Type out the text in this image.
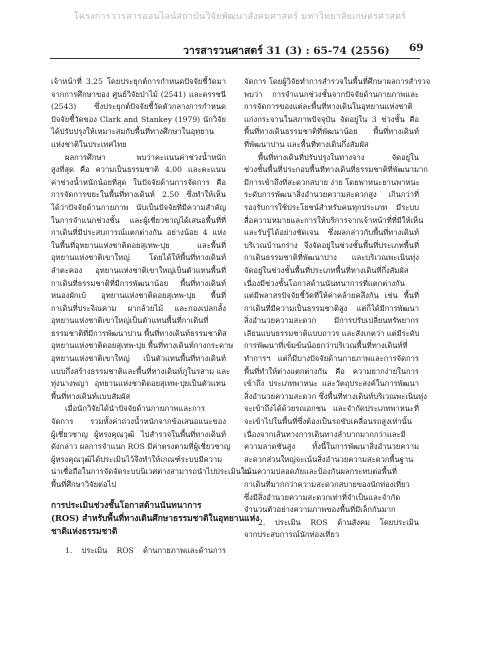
โครงการวารสารออนไลน์สถาบันวิจัยพัฒนาสังคมศาสตร์ มหาวิทยาลัยเกษตรศาสตร์
วารสารวนศาสตร์ 31 (3) : 65-74 (2556) 69
เจ้าหน้าที่ 3.25 โดยประยุกต์การกำหนดปัจจัยชี้วัดมา
จากการศึกษาของ ศูนย์วิจัยป่าไม้ (2541) และดรรชนี
(2543) ซึ่งประยุกต์ปัจจัยชี้วัดตัวกลางการกำหนด
ปัจจัยชี้วัดของ Clark and Stankey (1979) นักวิจัย
ได้ปรับปรุงให้เหมาะสมกับพื้นที่ทางศึกษาในอุทยาน
แห่งชาติในประเทศไทย
ผลการศึกษา พบว่าคะแนนค่าช่วงน้ำหนัก
สูงที่สุด คือ ความเป็นธรรมชาติ 4.00 และคะแนน
ค่าช่วงน้ำหนักน้อยที่สุด ในปัจจัยด้านการจัดการ คือ
การจัดการขยะในพื้นที่ทางเดินท์ 2.50 ซึ่งทำให้เห็น
ได้ว่าปัจจัยด้านกายภาพ นับเป็นปัจจัยที่มีความสำคัญ
ในการจำแนกช่วงชั้น และผู้เชี่ยวชาญได้เสนอพื้นที่ที่
กาเดินที่มีประสบการณ์แตกต่างกัน อย่างน้อย 4 แห่ง
ในพื้นที่อุทยานแห่งชาติดอยสุเทพ-ปุย และพื้นที่
อุทยานแห่งชาติเขาใหญ่ โดยได้ให้พื้นที่ทางเดินท์
ลำตะคอง อุทยานแห่งชาติเขาใหญ่เป็นตัวแทนพื้นที่
กาเดินที่ธรรมชาติที่มีการพัฒนาน้อย พื้นที่ทางเดินท์
หนองผักเบ้ อุทยานแห่งชาติดอยสุเทพ-ปุย พื้นที่
กาเดินที่ประจิณคาม ผากล้วยไม้ และกองเปลกลั้ง
อุทยานแห่งชาติเขาใหญ่เป็นตัวแทนพื้นที่กาเดินที่
ธรรมชาติที่มีการพัฒนาปาน พื้นที่ทางเดินท์ธรรมชาติส
อุทยานแห่งชาติดอยสุเทพ-ปุย พื้นที่ทางเดินท์กางกระดาษ
อุทยานแห่งชาติเขาใหญ่ เป็นตัวแทนพื้นที่ทางเดินท์
แบบกึ่งสร้างธรรมชาติและพื้นที่ทางเดินท์ภูในรสาม และ
ทุ่งนางพญา อุทยานแห่งชาติดอยสุเทพ-ปุยเป็นตัวแทน
พื้นที่ทางเดินท์แบบสัมผัส
เมื่อนักวิจัยได้นำปัจจัยด้านกายภาพและการ
จัดการ รวมทั้งค่าถ่วงน้ำหนักจากข้อเสนอแนะของ
ผู้เชี่ยวชาญ ผู้ทรงคุณวุฒิ ไปสำรวจในพื้นที่ทางเดินท์
ดังกล่าว ผลการจำแนก ROS มีค่าตรงตามที่ผู้เชี่ยวชาญ
ผู้ทรงคุณวุฒิได้ประเมินไว้จึงทำให้เกณฑ์ระบบมีความ
น่าเชื่อถือในการจัดจัดระบบนิเวศต่างสามารถนำไปประเมินใน
พื้นที่ศึกษาวิจัยต่อไป
การประเมินช่วงชั้นโอกาสด้านนันทนาการ
(ROS) สำหรับพื้นที่ทางเดินศึกษาธรรมชาติในอุทยานแห่ง
ชาติแห่งธรรมชาติ
1. ประเมิน ROS ด้านกายภาพและด้านการ
จัดการ โดยผู้วิจัยทำการสำรวจในพื้นที่ศึกษาผลการสำรวจ
พบว่า การจำแนกช่วงชั้นจากปัจจัยด้านกายภาพและ
การจัดการของแต่ละพื้นที่ทางเดินในอุทยานแห่งชาติ
แก่งกระจานในสภาพปัจจุบัน จัดอยู่ใน 3 ช่วงชั้น คือ
พื้นที่ทางเดินธรรมชาติที่พัฒนาน้อย พื้นที่ทางเดินท์
ที่พัฒนาปาน และพื้นที่ทางเดินกึ่งสัมผัส
พื้นที่ทางเดินที่ปรับปรุงในทางจาง จัดอยู่ใน
ช่วงชั้นพื้นที่ประกอบพื้นที่ทางเดินที่ธรรมชาติที่พัฒนามาก
มีการเข้าถึงที่สะดวกสบาย ง่าย โดยพาหนะยานพาหนะ
ระดับการพัฒนาสิ่งอำนวยความสะดวกสูง เกินกว่าที่
รองรับการใช้ประโยชน์สำหรับคนทุกประเภท มีระบบ
สื่อความหมายและการให้บริการจากเจ้าหน้าที่ที่มีให้เห็น
และรับรู้ได้อย่างชัดเจน ซึ่งผลกล่าวกับพื้นที่ทางเดินท์
บริเวณบ้านกร่าง จึงจัดอยู่ในช่วงชั้นพื้นที่ประเภทพื้นที่
กาเดินธรรมชาติที่พัฒนาปาง และบริเวณพะเนินทุ่ง
จัดอยู่ในช่วงชั้นพื้นที่ประเภทพื้นที่ทางเดินที่กึ่งสัมผัส
เนื่องมีช่วงชั้นโอกาสด้านนันทนาการที่แตกต่างกัน
แต่มีพลาสรปัจจัยชี้วัดที่ให้ค่าคล้ายคลึงกัน เช่น พื้นที่
กาเดินที่มีความเป็นธรรมชาติสูง แต่ก็ได้มีการพัฒนา
สิ่งอำนวยความสะดวก มีการปรับเปลี่ยนทรัพยากร
เลียนแบบธรรมชาติแบบถาวร และสังเกตว่า แต่มีระดับ
การพัฒนาที่เข้มข้นน้อยกว่าบริเวณพื้นที่ทางเดินท์ที่
ทำการฯ แต่ก็มีบางปัจจัยด้านกายภาพและการจัดการ
พื้นที่ทำให้ต่างแตกต่างกัน คือ ความยากง่ายในการ
เข้าถึง ประเภทพาหนะ และวัตถุประสงค์ในการพัฒนา
สิ่งอำนวยความสะดวก ซึ่งพื้นที่ทางเดินท์บริเวณพะเนินทุ่ง
จะเข้าถึงได้ด้วยรถเอกชน และจำกัดประเภทพาหนะที่
จะเข้าไปในพื้นที่ซึ่งต้องเป็นรถขับเคลื่อนรถสูงเท่านั้น
เนื่องจากเส้นทางการเดินทางลำบากมากกว่าและมี
ความลาดชันสูง ทั้งนี้ในการพัฒนาสิ่งอำนวยความ
สะดวกส่วนใหญ่จะเน้นสิ่งอำนวยความสะดวกพื้นฐาน
เน้นความปลอดภัยและป้องกันผลกระทบต่อพื้นที่
กาเดินที่มากกว่าความสะดวกสบายของนักท่องเที่ยว
ซึ่งมีสิ่งอำนวยความสะดวกเท่าที่จำเป็นและจำกัด
จำนวนตัวอย่างความภาพของพื้นที่มีเล็กกันมาก
2. ประเมิน ROS ด้านสังคม โดยประเมิน
จากประสบการณ์นักท่องเที่ยว
